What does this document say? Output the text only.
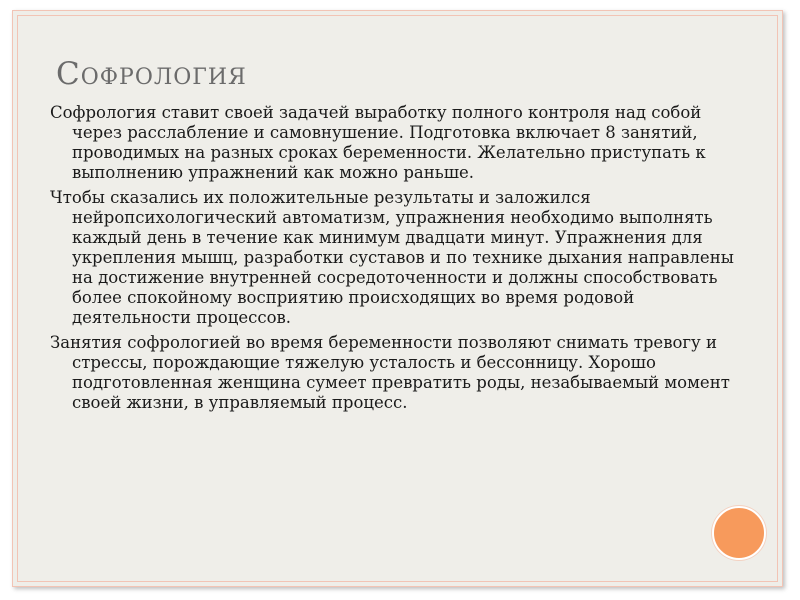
Софрология

Софрология ставит своей задачей выработку полного контроля над собой через расслабление и самовнушение. Подготовка включает 8 занятий, проводимых на разных сроках беременности. Желательно приступать к выполнению упражнений как можно раньше.

Чтобы сказались их положительные результаты и заложился нейропсихологический автоматизм, упражнения необходимо выполнять каждый день в течение как минимум двадцати минут. Упражнения для укрепления мышц, разработки суставов и по технике дыхания направлены на достижение внутренней сосредоточенности и должны способствовать более спокойному восприятию происходящих во время родовой деятельности процессов.

Занятия софрологией во время беременности позволяют снимать тревогу и стрессы, порождающие тяжелую усталость и бессонницу. Хорошо подготовленная женщина сумеет превратить роды, незабываемый момент своей жизни, в управляемый процесс.
